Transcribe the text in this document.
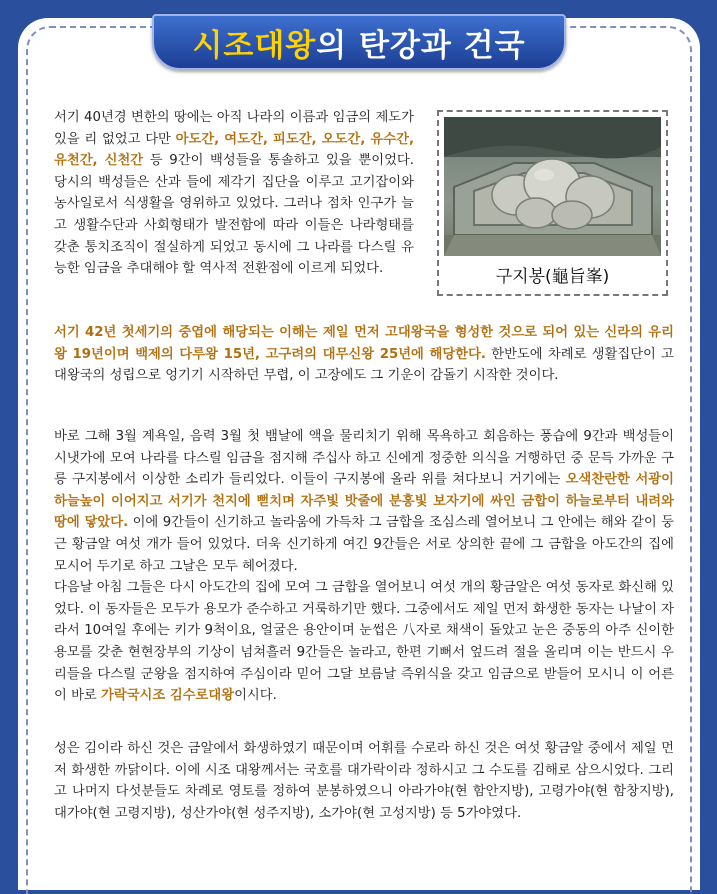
시조대왕의 탄강과 건국
서기 40년경 변한의 땅에는 아직 나라의 이름과 임금의 제도가 있을 리 없었고 다만 아도간, 여도간, 피도간, 오도간, 유수간, 유천간, 신천간 등 9간이 백성들을 통솔하고 있을 뿐이었다. 당시의 백성들은 산과 들에 제각기 집단을 이루고 고기잡이와 농사일로서 식생활을 영위하고 있었다. 그러나 점차 인구가 늘고 생활수단과 사회형태가 발전함에 따라 이들은 나라형태를 갖춘 통치조직이 절실하게 되었고 동시에 그 나라를 다스릴 유능한 임금을 추대해야 할 역사적 전환점에 이르게 되었다.	구지봉(龜旨峯)
서기 42년 첫세기의 중엽에 해당되는 이해는 제일 먼저 고대왕국을 형성한 것으로 되어 있는 신라의 유리왕 19년이며 백제의 다루왕 15년, 고구려의 대무신왕 25년에 해당한다. 한반도에 차례로 생활집단이 고대왕국의 성립으로 엉기기 시작하던 무렵, 이 고장에도 그 기운이 감돌기 시작한 것이다.
바로 그해 3월 계욕일, 음력 3월 첫 뱀날에 액을 물리치기 위해 목욕하고 회음하는 풍습에 9간과 백성들이 시냇가에 모여 나라를 다스릴 임금을 점지해 주십사 하고 신에게 정중한 의식을 거행하던 중 문득 가까운 구릉 구지봉에서 이상한 소리가 들리었다. 이들이 구지봉에 올라 위를 쳐다보니 거기에는 오색찬란한 서광이 하늘높이 이어지고 서기가 천지에 뻗치며 자주빛 밧줄에 분홍빛 보자기에 싸인 금합이 하늘로부터 내려와 땅에 닿았다. 이에 9간들이 신기하고 놀라움에 가득차 그 금합을 조심스레 열어보니 그 안에는 해와 같이 둥근 황금알 여섯 개가 들어 있었다. 더욱 신기하게 여긴 9간들은 서로 상의한 끝에 그 금합을 아도간의 집에 모시어 두기로 하고 그날은 모두 헤어졌다.
다음날 아침 그들은 다시 아도간의 집에 모여 그 금합을 열어보니 여섯 개의 황금알은 여섯 동자로 화신해 있었다. 이 동자들은 모두가 용모가 준수하고 거룩하기만 했다. 그중에서도 제일 먼저 화생한 동자는 나날이 자라서 10여일 후에는 키가 9척이요, 얼굴은 용안이며 눈썹은 八자로 채색이 돌았고 눈은 중동의 아주 신이한 용모를 갖춘 현현장부의 기상이 넘쳐흘러 9간들은 놀라고, 한편 기뻐서 엎드려 절을 올리며 이는 반드시 우리들을 다스릴 군왕을 점지하여 주심이라 믿어 그달 보름날 즉위식을 갖고 임금으로 받들어 모시니 이 어른이 바로 가락국시조 김수로대왕이시다.
성은 김이라 하신 것은 금알에서 화생하였기 때문이며 어휘를 수로라 하신 것은 여섯 황금알 중에서 제일 먼저 화생한 까닭이다. 이에 시조 대왕께서는 국호를 대가락이라 정하시고 그 수도를 김해로 삼으시었다. 그리고 나머지 다섯분들도 차례로 영토를 정하여 분봉하였으니 아라가야(현 함안지방), 고령가야(현 함창지방), 대가야(현 고령지방), 성산가야(현 성주지방), 소가야(현 고성지방) 등 5가야였다.
